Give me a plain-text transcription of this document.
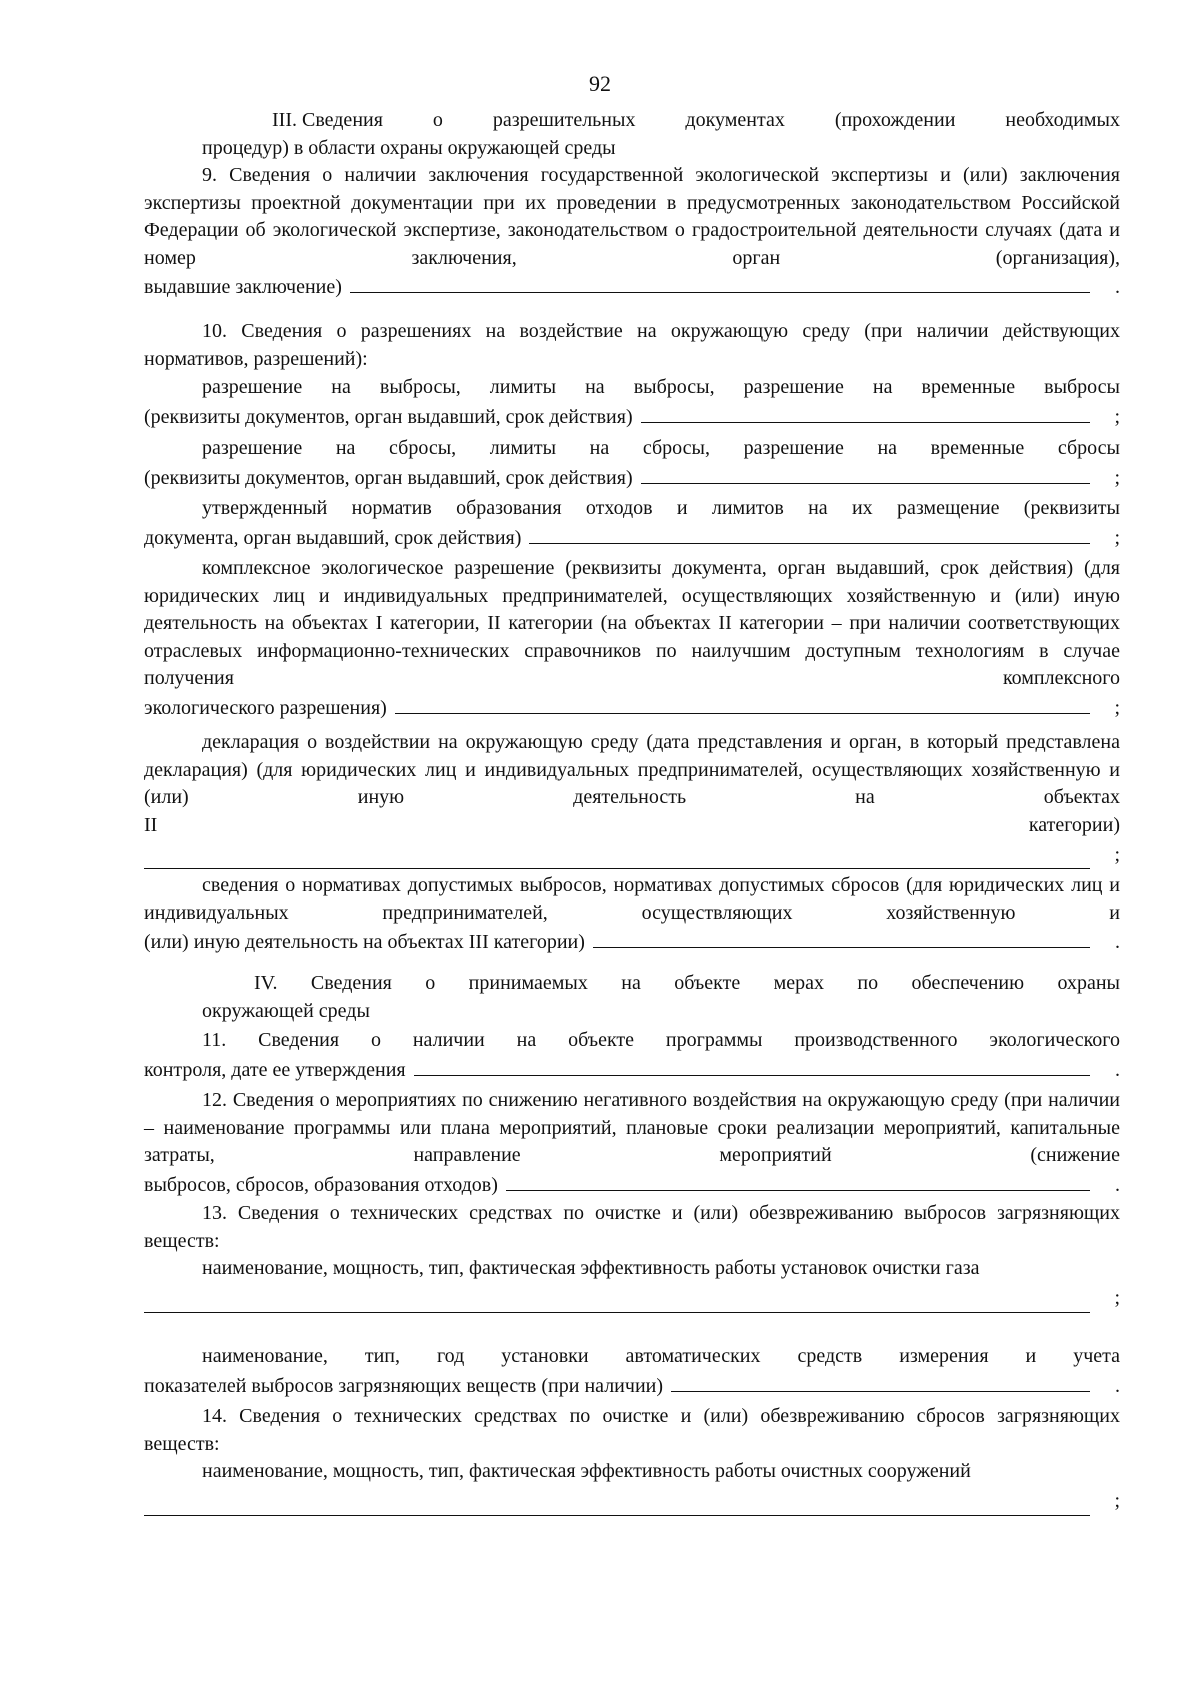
92
III. Сведения о разрешительных документах (прохождении необходимых

процедур) в области охраны окружающей среды

9. Сведения о наличии заключения государственной экологической экспертизы и (или) заключения экспертизы проектной документации при их проведении в предусмотренных законодательством Российской Федерации об экологической экспертизе, законодательством о градостроительной деятельности случаях (дата и номер заключения, орган (организация),

выдавшие заключение)	.

10. Сведения о разрешениях на воздействие на окружающую среду (при наличии действующих нормативов, разрешений):

разрешение на выбросы, лимиты на выбросы, разрешение на временные выбросы

(реквизиты документов, орган выдавший, срок действия)	;

разрешение на сбросы, лимиты на сбросы, разрешение на временные сбросы

(реквизиты документов, орган выдавший, срок действия)	;

утвержденный норматив образования отходов и лимитов на их размещение (реквизиты

документа, орган выдавший, срок действия)	;

комплексное экологическое разрешение (реквизиты документа, орган выдавший, срок действия) (для юридических лиц и индивидуальных предпринимателей, осуществляющих хозяйственную и (или) иную деятельность на объектах I категории, II категории (на объектах II категории – при наличии соответствующих отраслевых информационно-технических справочников по наилучшим доступным технологиям в случае получения комплексного

экологического разрешения)	;

декларация о воздействии на окружающую среду (дата представления и орган, в который представлена декларация) (для юридических лиц и индивидуальных предпринимателей, осуществляющих хозяйственную и (или) иную деятельность на объектах

II	категории)
;

сведения о нормативах допустимых выбросов, нормативах допустимых сбросов (для юридических лиц и индивидуальных предпринимателей, осуществляющих хозяйственную и

(или) иную деятельность на объектах III категории)	.

IV. Сведения о принимаемых на объекте мерах по обеспечению охраны

окружающей среды

11. Сведения о наличии на объекте программы производственного экологического

контроля, дате ее утверждения	.

12. Сведения о мероприятиях по снижению негативного воздействия на окружающую среду (при наличии – наименование программы или плана мероприятий, плановые сроки реализации мероприятий, капитальные затраты, направление мероприятий (снижение

выбросов, сбросов, образования отходов)	.

13. Сведения о технических средствах по очистке и (или) обезвреживанию выбросов загрязняющих веществ:

наименование, мощность, тип, фактическая эффективность работы установок очистки газа

;

наименование, тип, год установки автоматических средств измерения и учета

показателей выбросов загрязняющих веществ (при наличии)	.

14. Сведения о технических средствах по очистке и (или) обезвреживанию сбросов загрязняющих веществ:

наименование, мощность, тип, фактическая эффективность работы очистных сооружений

;
